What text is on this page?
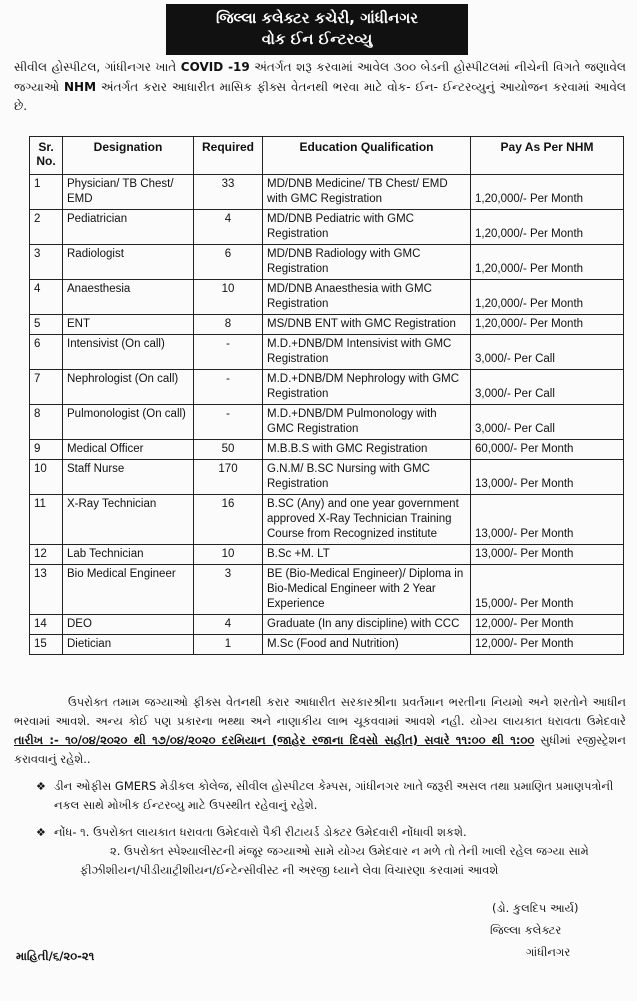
જિલ્લા કલેક્ટર કચેરી, ગાંધીનગર
વોક ઈન ઈન્ટરવ્યુ
સીવીલ હોસ્પીટલ, ગાંધીનગર ખાતે COVID -19 અંતર્ગત શરૂ કરવામાં આવેલ ૩૦૦ બેડની હોસ્પીટલમાં નીચેની વિગતે જણાવેલ જગ્યાઓ NHM અંતર્ગત કરાર આધારીત માસિક ફીક્સ વેતનથી ભરવા માટે વોક- ઈન- ઈન્ટરવ્યુનું આયોજન કરવામાં આવેલ છે.
Sr. No.	Designation	Required	Education Qualification	Pay As Per NHM
1	Physician/ TB Chest/ EMD	33	MD/DNB Medicine/ TB Chest/ EMD with GMC Registration	1,20,000/- Per Month
2	Pediatrician	4	MD/DNB Pediatric with GMC Registration	1,20,000/- Per Month
3	Radiologist	6	MD/DNB Radiology with GMC Registration	1,20,000/- Per Month
4	Anaesthesia	10	MD/DNB Anaesthesia with GMC Registration	1,20,000/- Per Month
5	ENT	8	MS/DNB ENT with GMC Registration	1,20,000/- Per Month
6	Intensivist (On call)	-	M.D.+DNB/DM Intensivist with GMC Registration	3,000/- Per Call
7	Nephrologist (On call)	-	M.D.+DNB/DM Nephrology with GMC Registration	3,000/- Per Call
8	Pulmonologist (On call)	-	M.D.+DNB/DM Pulmonology with GMC Registration	3,000/- Per Call
9	Medical Officer	50	M.B.B.S with GMC Registration	60,000/- Per Month
10	Staff Nurse	170	G.N.M/ B.SC Nursing with GMC Registration	13,000/- Per Month
11	X-Ray Technician	16	B.SC (Any) and one year government approved X-Ray Technician Training Course from Recognized institute	13,000/- Per Month
12	Lab Technician	10	B.Sc +M. LT	13,000/- Per Month
13	Bio Medical Engineer	3	BE (Bio-Medical Engineer)/ Diploma in Bio-Medical Engineer with 2 Year Experience	15,000/- Per Month
14	DEO	4	Graduate (In any discipline) with CCC	12,000/- Per Month
15	Dietician	1	M.Sc (Food and Nutrition)	12,000/- Per Month
ઉપરોક્ત તમામ જગ્યાઓ ફીક્સ વેતનથી કરાર આધારીત સરકારશ્રીના પ્રવર્તમાન ભરતીના નિયમો અને શરતોને આધીન ભરવામાં આવશે. અન્ય કોઈ પણ પ્રકારના ભથ્થા અને નાણાકીય લાભ ચૂકવવામાં આવશે નહી. યોગ્ય લાયકાત ધરાવતા ઉમેદવારે તારીખ :- ૧૦/૦૪/૨૦૨૦ થી ૧૭/૦૪/૨૦૨૦ દરમિયાન (જાહેર રજાના દિવસો સહીત) સવારે ૧૧:૦૦ થી ૧:૦૦ સુધીમાં રજીસ્ટ્રેશન કરાવવાનું રહેશે..
❖ ડીન ઓફીસ GMERS મેડીકલ કોલેજ, સીવીલ હોસ્પીટલ કેમ્પસ, ગાંધીનગર ખાતે જરૂરી અસલ તથા પ્રમાણિત પ્રમાણપત્રોની નકલ સાથે મોખીક ઈન્ટરવ્યુ માટે ઉપસ્થીત રહેવાનું રહેશે.
❖ નોંધ- ૧. ઉપરોક્ત લાયકાત ધરાવતા ઉમેદવારો પૈકી રીટાયર્ડ ડોક્ટર ઉમેદવારી નોંધાવી શકશે.
૨. ઉપરોક્ત સ્પેશ્યાલીસ્ટની મંજૂર જગ્યાઓ સામે યોગ્ય ઉમેદવાર ન મળે તો તેની ખાલી રહેલ જગ્યા સામે
ફીઝીશીયન/પીડીયાટ્રીશીયન/ઈન્ટેન્સીવીસ્ટ ની અરજી ધ્યાને લેવા વિચારણા કરવામાં આવશે
(ડો. કુલદિપ આર્ય)
જિલ્લા કલેક્ટર
ગાંધીનગર
માહિતી/૬/૨૦-૨૧
